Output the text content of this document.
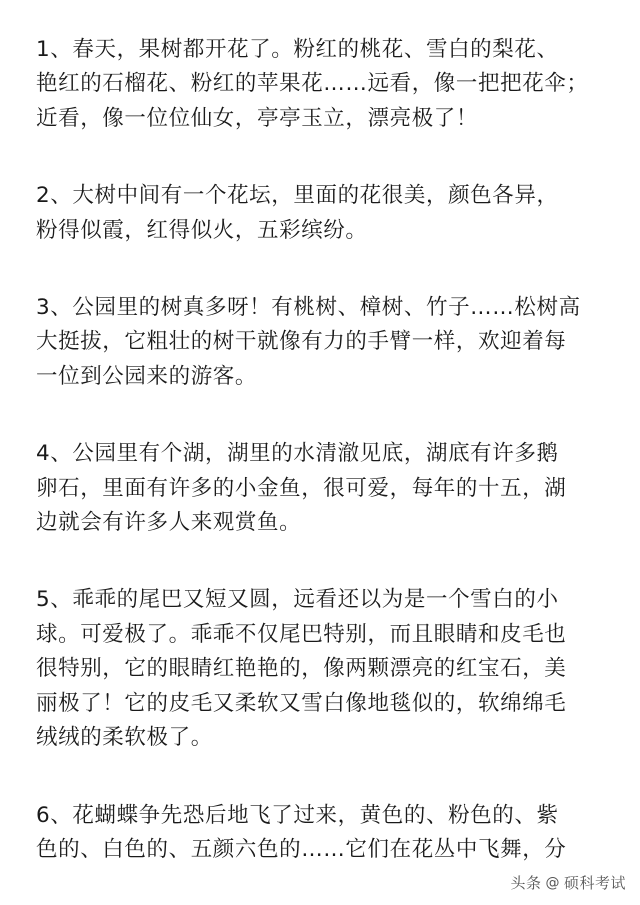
1、春天，果树都开花了。粉红的桃花、雪白的梨花、
艳红的石榴花、粉红的苹果花……远看，像一把把花伞；
近看，像一位位仙女，亭亭玉立，漂亮极了！

2、大树中间有一个花坛，里面的花很美，颜色各异，
粉得似霞，红得似火，五彩缤纷。

3、公园里的树真多呀！有桃树、樟树、竹子……松树高
大挺拔，它粗壮的树干就像有力的手臂一样，欢迎着每
一位到公园来的游客。

4、公园里有个湖，湖里的水清澈见底，湖底有许多鹅
卵石，里面有许多的小金鱼，很可爱，每年的十五，湖
边就会有许多人来观赏鱼。

5、乖乖的尾巴又短又圆，远看还以为是一个雪白的小
球。可爱极了。乖乖不仅尾巴特别，而且眼睛和皮毛也
很特别，它的眼睛红艳艳的，像两颗漂亮的红宝石，美
丽极了！它的皮毛又柔软又雪白像地毯似的，软绵绵毛
绒绒的柔软极了。

6、花蝴蝶争先恐后地飞了过来，黄色的、粉色的、紫
色的、白色的、五颜六色的……它们在花丛中飞舞，分

头条 @ 硕科考试
